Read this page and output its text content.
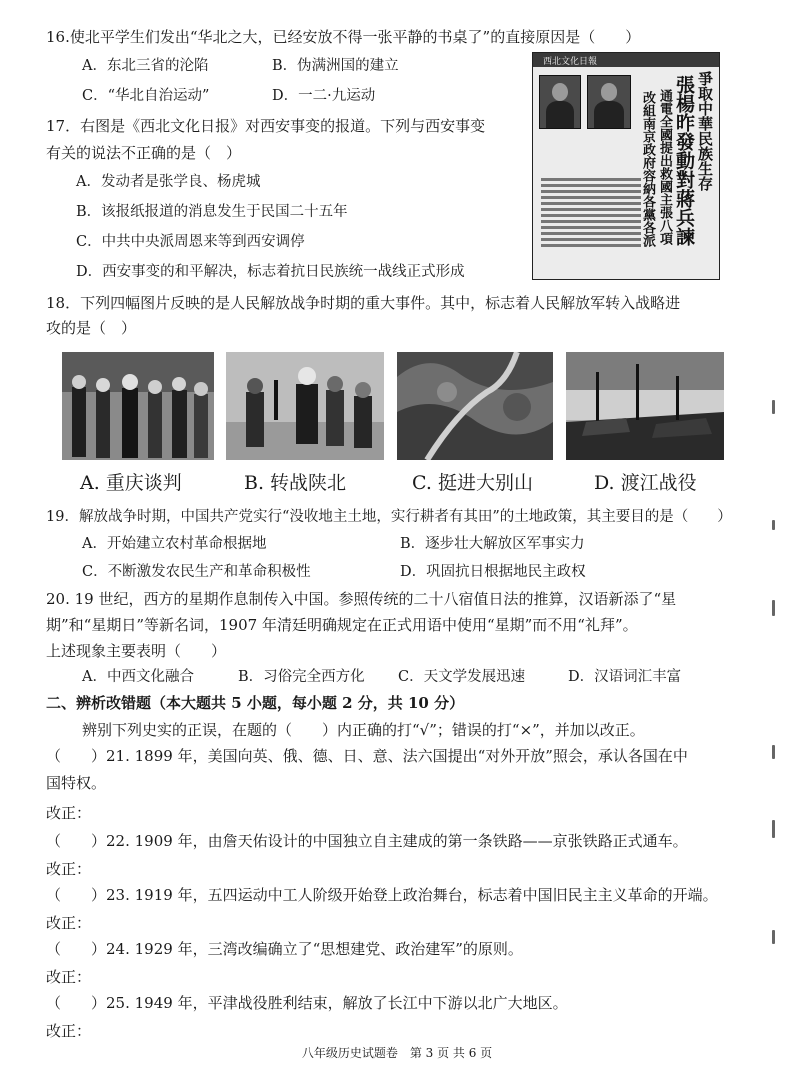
16.使北平学生们发出“华北之大，已经安放不得一张平静的书桌了”的直接原因是（　　）
A．东北三省的沦陷	B．伪满洲国的建立
C．“华北自治运动”	D．一二·九运动
17．右图是《西北文化日报》对西安事变的报道。下列与西安事变
有关的说法不正确的是（　）
A．发动者是张学良、杨虎城
B．该报纸报道的消息发生于民国二十五年
C．中共中央派周恩来等到西安调停
D．西安事变的和平解决，标志着抗日民族统一战线正式形成
西北文化日報
爭取中華民族生存
張楊昨發動對蔣兵諫
通電全國提出救國主張八項
改組南京政府容納各黨各派
18．下列四幅图片反映的是人民解放战争时期的重大事件。其中，标志着人民解放军转入战略进
攻的是（　）
A. 重庆谈判	B. 转战陕北	C. 挺进大别山	D. 渡江战役
19．解放战争时期，中国共产党实行“没收地主土地，实行耕者有其田”的土地政策，其主要目的是（　　）
A．开始建立农村革命根据地	B．逐步壮大解放区军事实力
C．不断激发农民生产和革命积极性	D．巩固抗日根据地民主政权
20. 19 世纪，西方的星期作息制传入中国。参照传统的二十八宿值日法的推算，汉语新添了“星
期”和“星期日”等新名词，1907 年清廷明确规定在正式用语中使用“星期”而不用“礼拜”。
上述现象主要表明（　　）
A．中西文化融合	B．习俗完全西方化 C．天文学发展迅速	D．汉语词汇丰富
二、辨析改错题（本大题共 5 小题，每小题 2 分，共 10 分）
辨别下列史实的正误，在题的（　　）内正确的打“√”；错误的打“×”，并加以改正。
（　　）21. 1899 年，美国向英、俄、德、日、意、法六国提出“对外开放”照会，承认各国在中
国特权。
改正：
（　　）22. 1909 年，由詹天佑设计的中国独立自主建成的第一条铁路——京张铁路正式通车。
改正：
（　　）23. 1919 年，五四运动中工人阶级开始登上政治舞台，标志着中国旧民主主义革命的开端。
改正：
（　　）24. 1929 年，三湾改编确立了“思想建党、政治建军”的原则。
改正：
（　　）25. 1949 年，平津战役胜利结束，解放了长江中下游以北广大地区。
改正：
八年级历史试题卷　第 3 页 共 6 页
